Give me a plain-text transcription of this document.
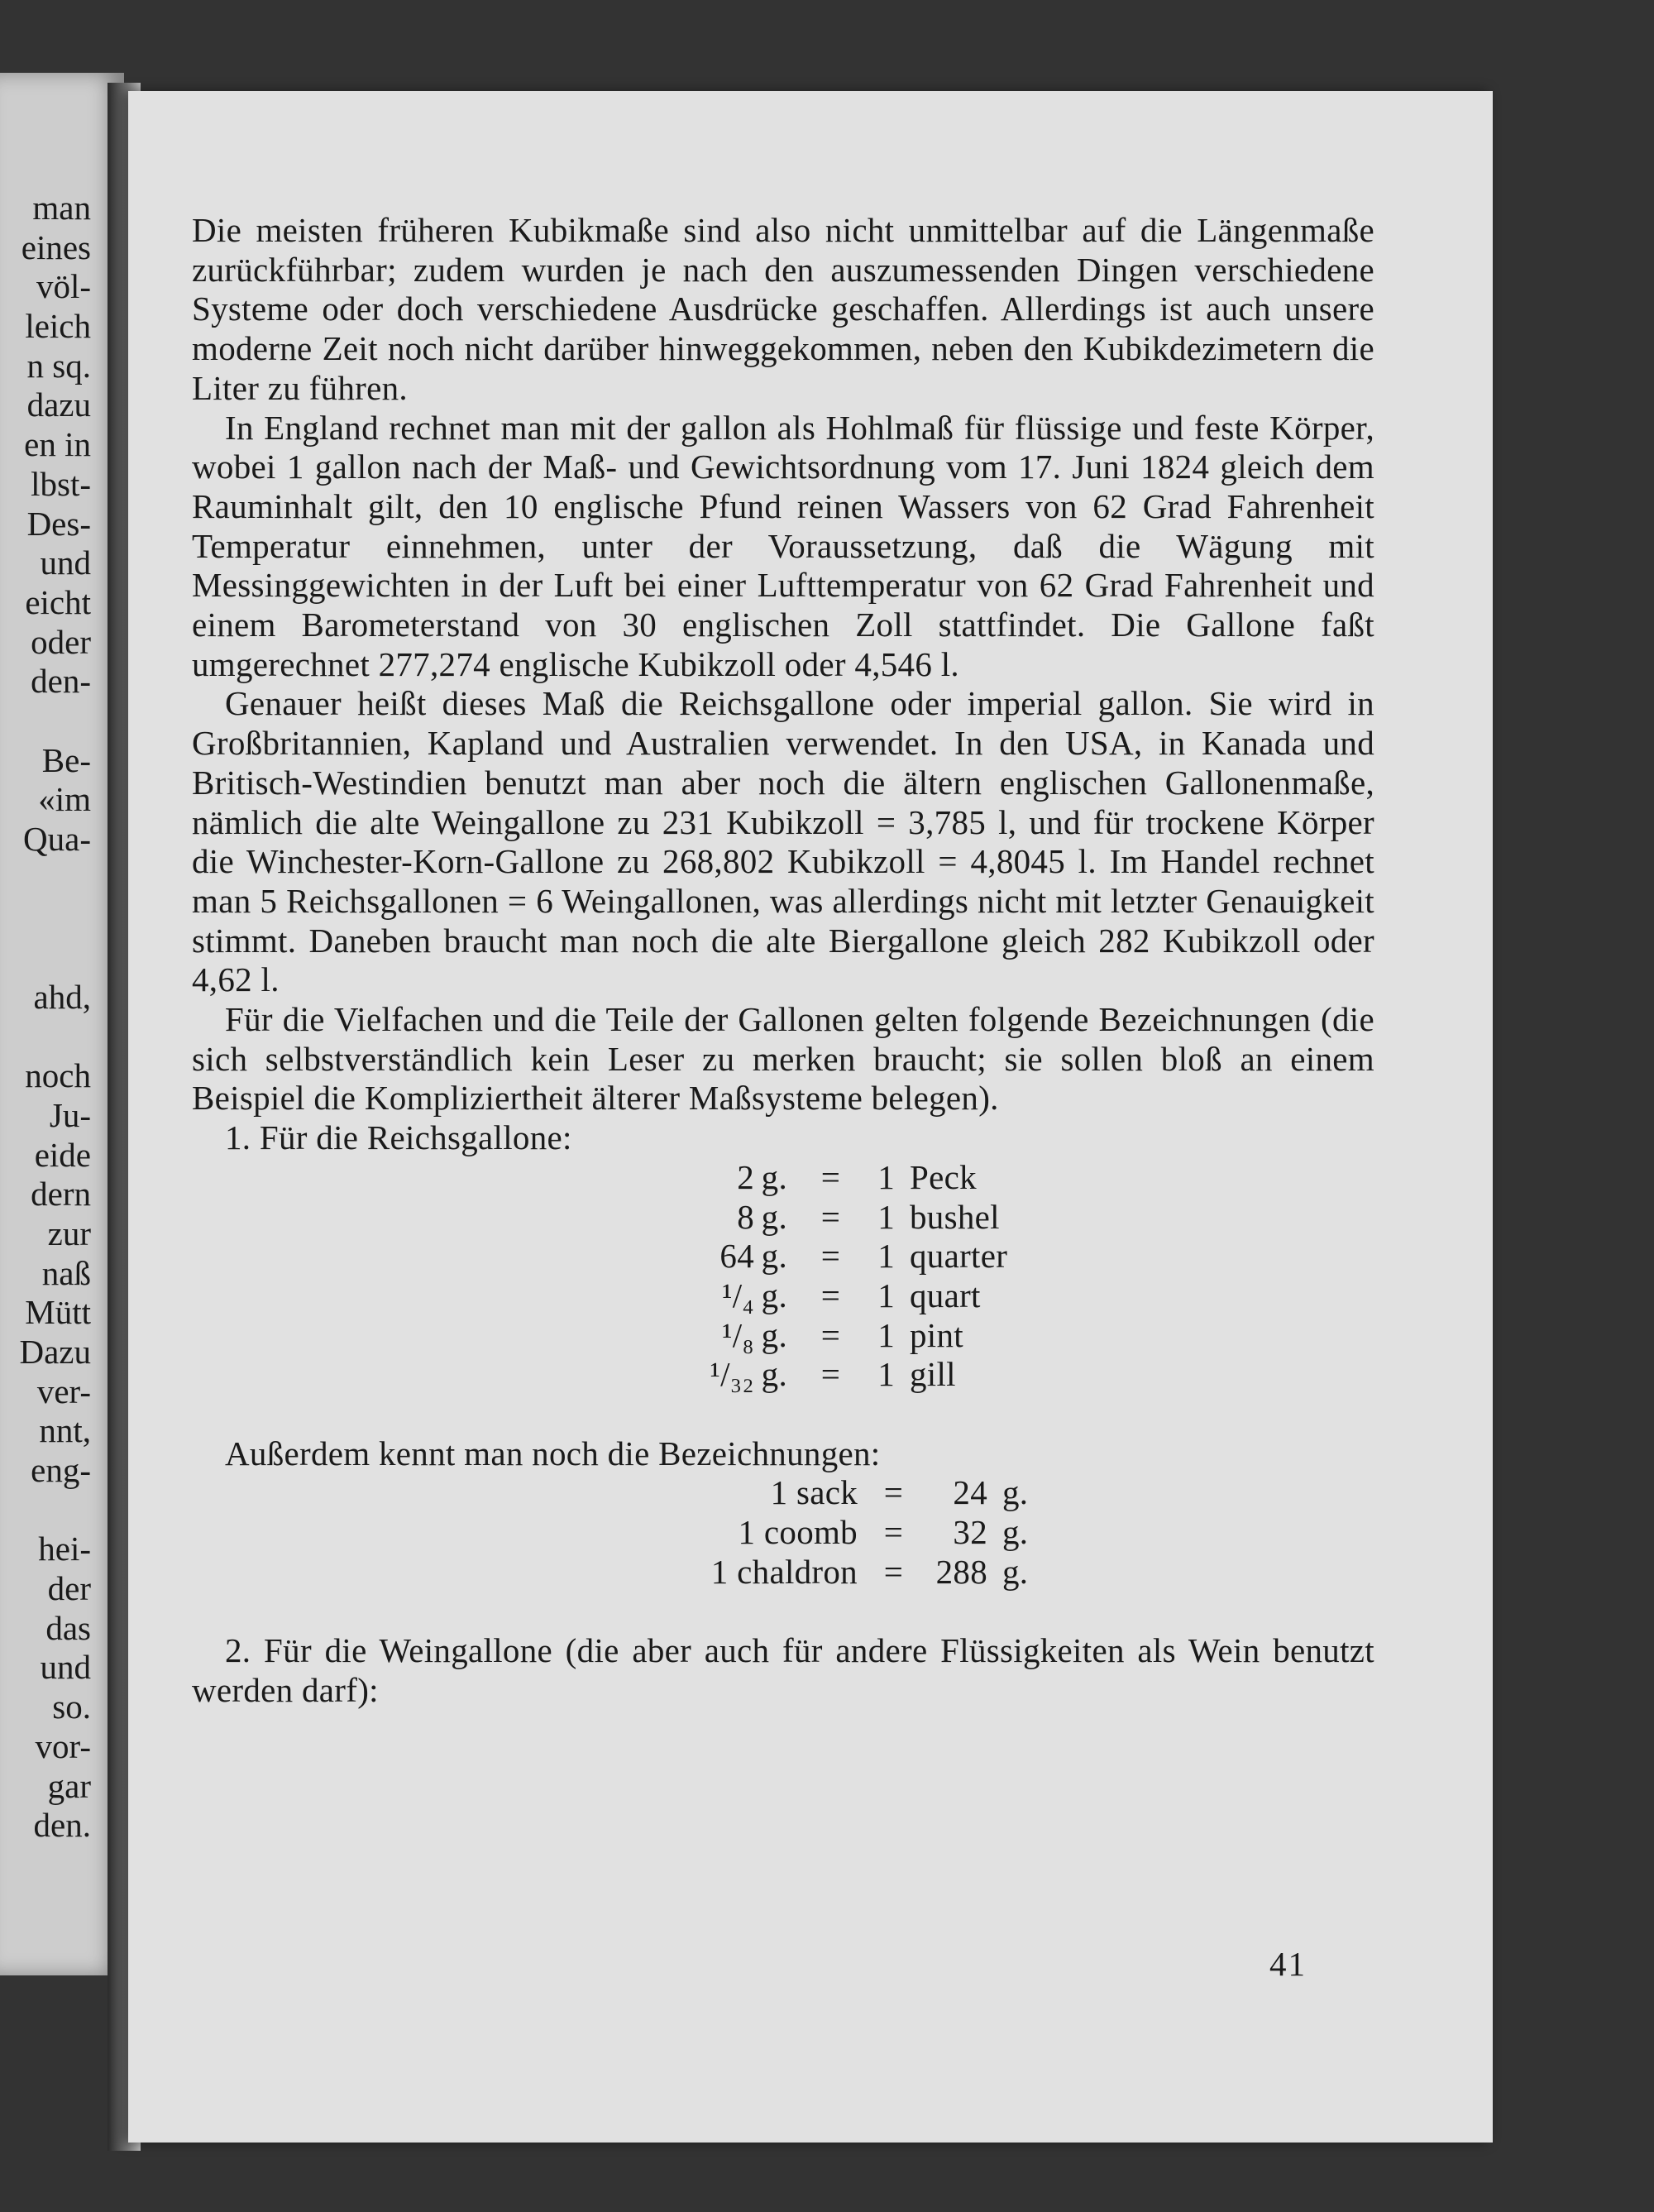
man
eines
völ-
leich
n sq.
dazu
en in
lbst-
Des-
und
eicht
oder
den-
Be-
«im
Qua-
ahd,
noch
Ju-
eide
dern
zur
naß
Mütt
Dazu
ver-
nnt,
eng-
hei-
der
das
und
so.
vor-
gar
den.

Die meisten früheren Kubikmaße sind also nicht unmittelbar auf die Längenmaße zurückführbar; zudem wurden je nach den auszumessenden Dingen verschiedene Systeme oder doch verschiedene Ausdrücke geschaffen. Allerdings ist auch unsere moderne Zeit noch nicht darüber hinweggekommen, neben den Kubikdezimetern die Liter zu führen.

In England rechnet man mit der gallon als Hohlmaß für flüssige und feste Körper, wobei 1 gallon nach der Maß- und Gewichtsordnung vom 17. Juni 1824 gleich dem Rauminhalt gilt, den 10 englische Pfund reinen Wassers von 62 Grad Fahrenheit Temperatur einnehmen, unter der Voraussetzung, daß die Wägung mit Messinggewichten in der Luft bei einer Lufttemperatur von 62 Grad Fahrenheit und einem Barometerstand von 30 englischen Zoll stattfindet. Die Gallone faßt umgerechnet 277,274 englische Kubikzoll oder 4,546 l.

Genauer heißt dieses Maß die Reichsgallone oder imperial gallon. Sie wird in Großbritannien, Kapland und Australien verwendet. In den USA, in Kanada und Britisch-Westindien benutzt man aber noch die ältern englischen Gallonenmaße, nämlich die alte Weingallone zu 231 Kubikzoll = 3,785 l, und für trockene Körper die Winchester-Korn-Gallone zu 268,802 Kubikzoll = 4,8045 l. Im Handel rechnet man 5 Reichsgallonen = 6 Weingallonen, was allerdings nicht mit letzter Genauigkeit stimmt. Daneben braucht man noch die alte Biergallone gleich 282 Kubikzoll oder 4,62 l.

Für die Vielfachen und die Teile der Gallonen gelten folgende Bezeichnungen (die sich selbstverständlich kein Leser zu merken braucht; sie sollen bloß an einem Beispiel die Kompliziertheit älterer Maßsysteme belegen).

1. Für die Reichsgallone:

2 g. =	1 Peck
8 g. =	1 bushel
64 g. =	1 quarter
¹/₄ g. =	1 quart
¹/₈ g. =	1 pint
¹/₃₂ g. =	1 gill

Außerdem kennt man noch die Bezeichnungen:

1 sack =	24 g.
1 coomb =	32 g.
1 chaldron = 288 g.

2. Für die Weingallone (die aber auch für andere Flüssigkeiten als Wein benutzt werden darf):

41
